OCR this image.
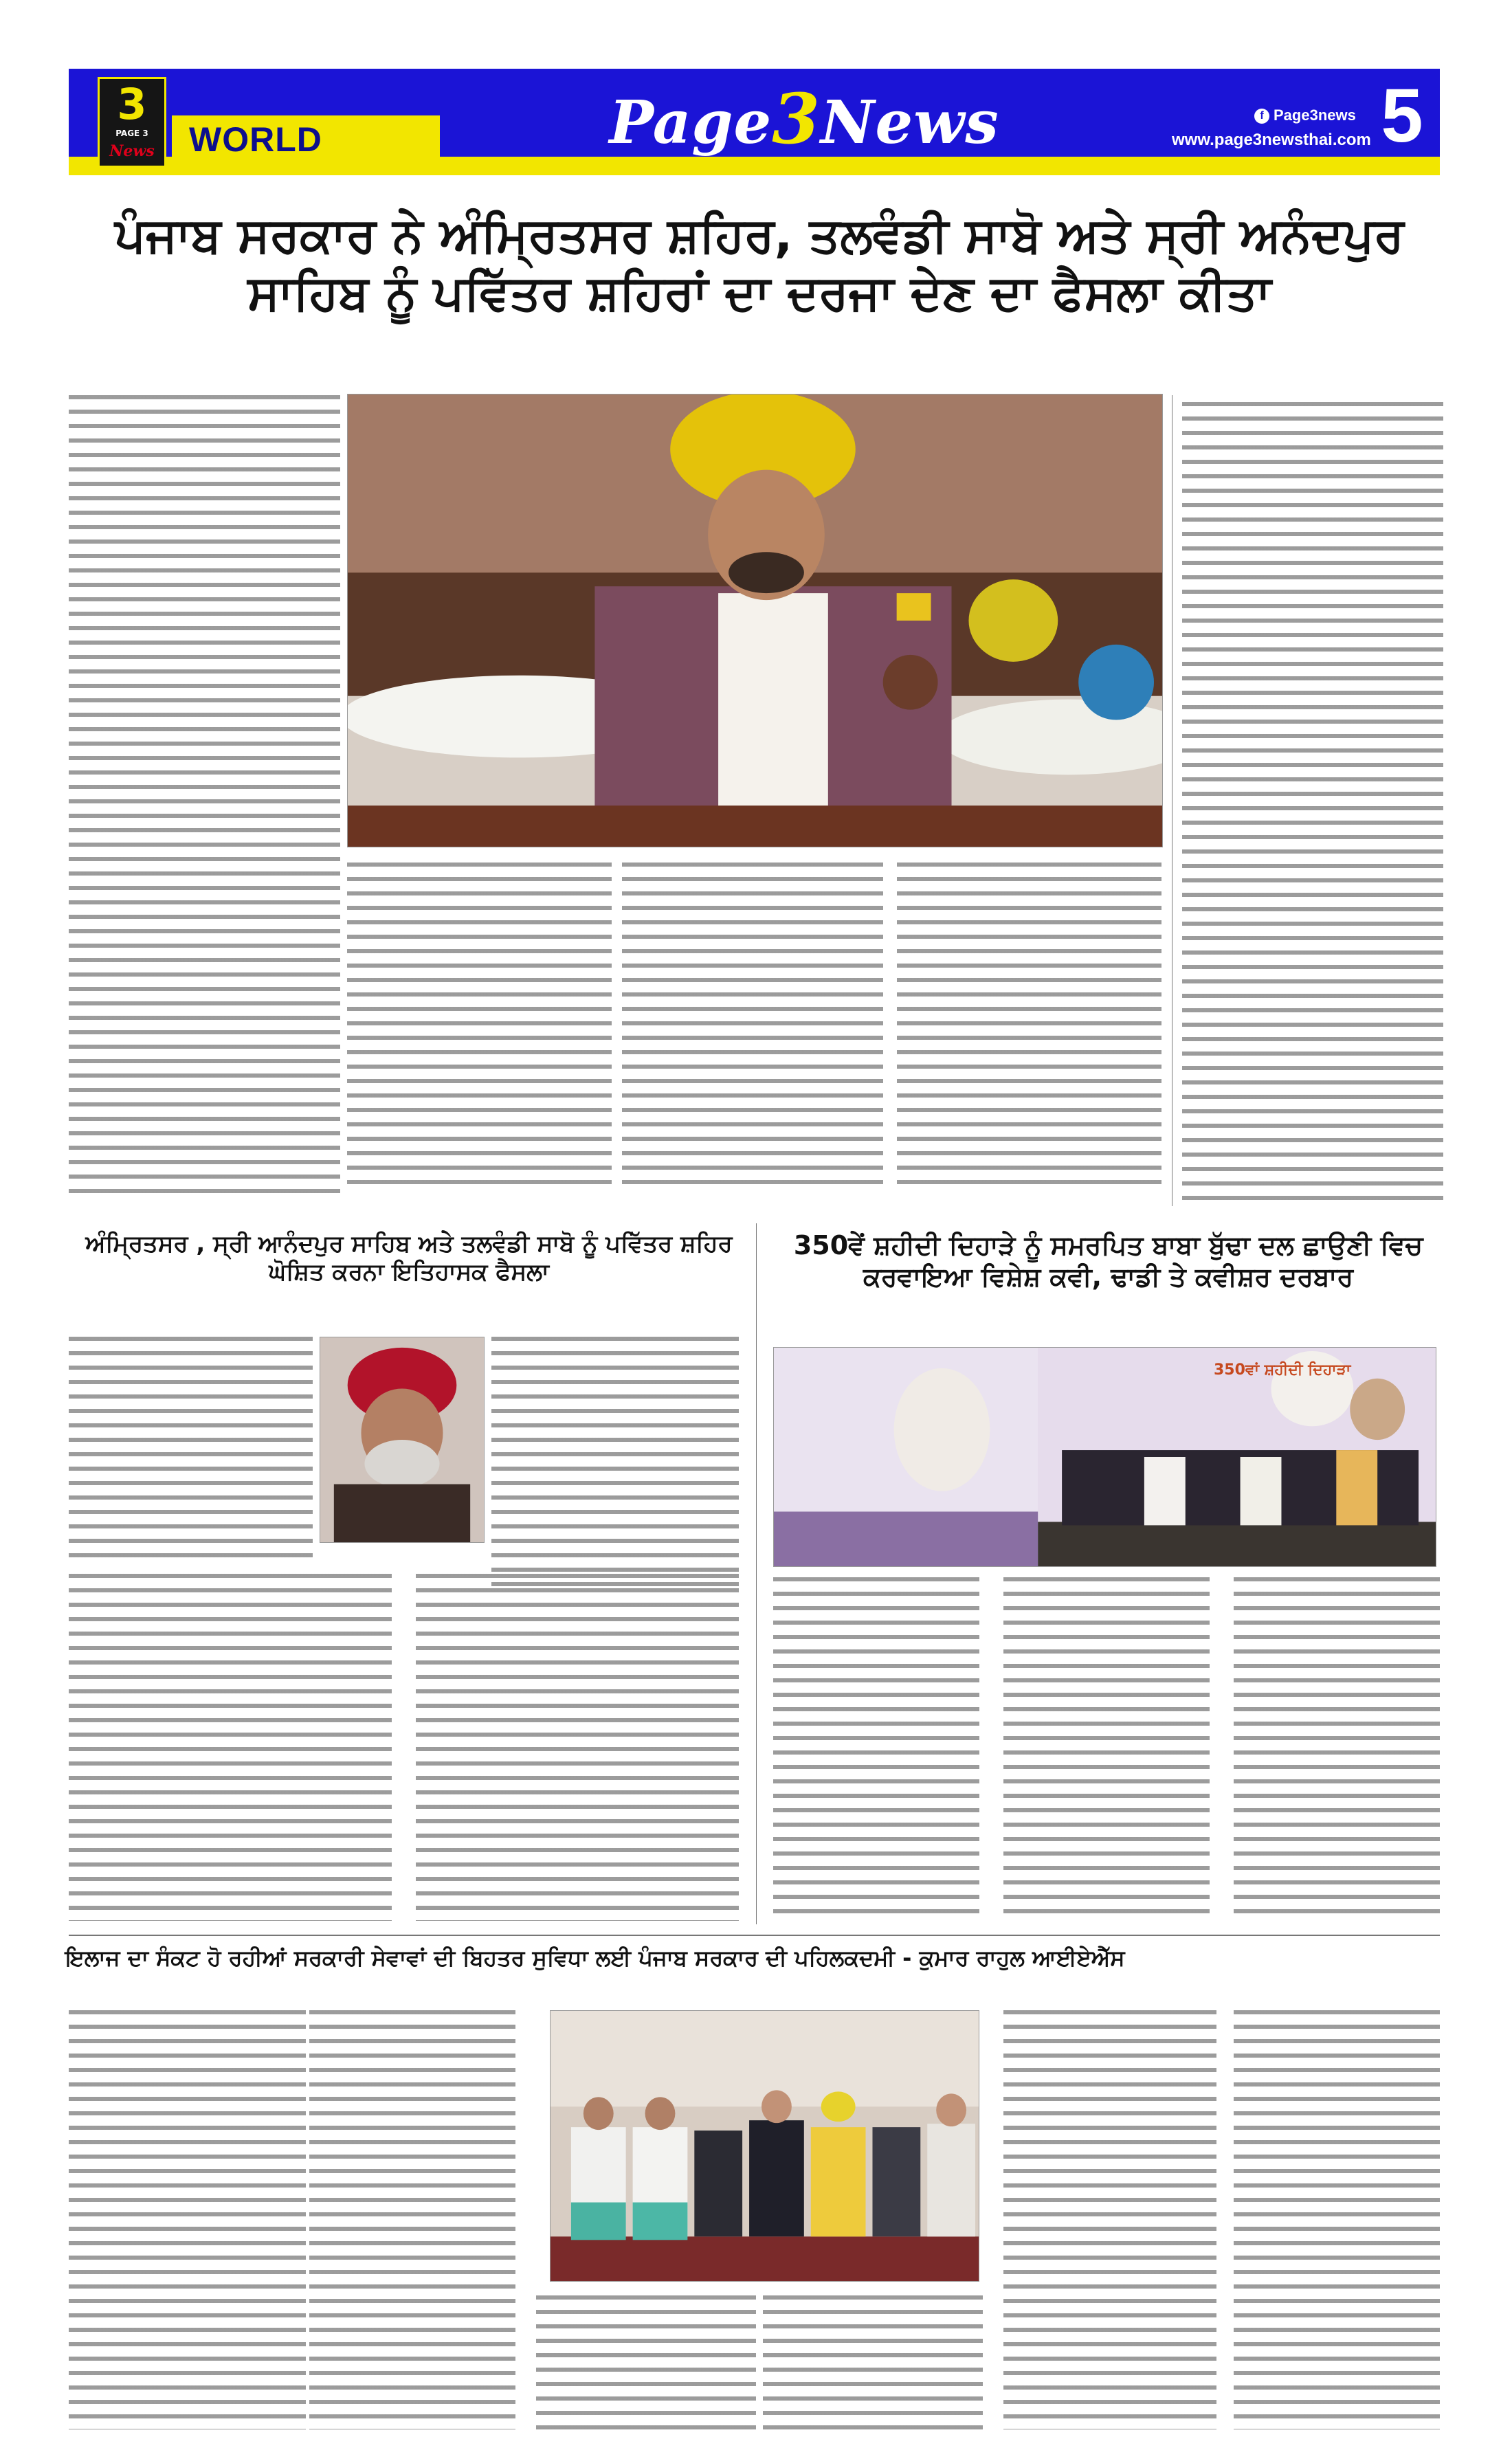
3
PAGE 3
News WORLD	Page3News	f Page3news
www.page3newsthai.com 5
ਪੰਜਾਬ ਸਰਕਾਰ ਨੇ ਅੰਮ੍ਰਿਤਸਰ ਸ਼ਹਿਰ, ਤਲਵੰਡੀ ਸਾਬੋ ਅਤੇ ਸ੍ਰੀ ਅਨੰਦਪੁਰ ਸਾਹਿਬ ਨੂੰ ਪਵਿੱਤਰ ਸ਼ਹਿਰਾਂ ਦਾ ਦਰਜਾ ਦੇਣ ਦਾ ਫੈਸਲਾ ਕੀਤਾ
ਅੰਮ੍ਰਿਤਸਰ , ਸ੍ਰੀ ਆਨੰਦਪੁਰ ਸਾਹਿਬ ਅਤੇ ਤਲਵੰਡੀ ਸਾਬੋ ਨੂੰ ਪਵਿੱਤਰ ਸ਼ਹਿਰ ਘੋਸ਼ਿਤ ਕਰਨਾ ਇਤਿਹਾਸਕ ਫੈਸਲਾ
350ਵੇਂ ਸ਼ਹੀਦੀ ਦਿਹਾੜੇ ਨੂੰ ਸਮਰਪਿਤ ਬਾਬਾ ਬੁੱਢਾ ਦਲ ਛਾਉਣੀ ਵਿਚ ਕਰਵਾਇਆ ਵਿਸ਼ੇਸ਼ ਕਵੀ, ਢਾਡੀ ਤੇ ਕਵੀਸ਼ਰ ਦਰਬਾਰ
350ਵਾਂ ਸ਼ਹੀਦੀ ਦਿਹਾੜਾ
ਇਲਾਜ ਦਾ ਸੰਕਟ ਹੋ ਰਹੀਆਂ ਸਰਕਾਰੀ ਸੇਵਾਵਾਂ ਦੀ ਬਿਹਤਰ ਸੁਵਿਧਾ ਲਈ ਪੰਜਾਬ ਸਰਕਾਰ ਦੀ ਪਹਿਲਕਦਮੀ - ਕੁਮਾਰ ਰਾਹੁਲ ਆਈਏਐੱਸ
